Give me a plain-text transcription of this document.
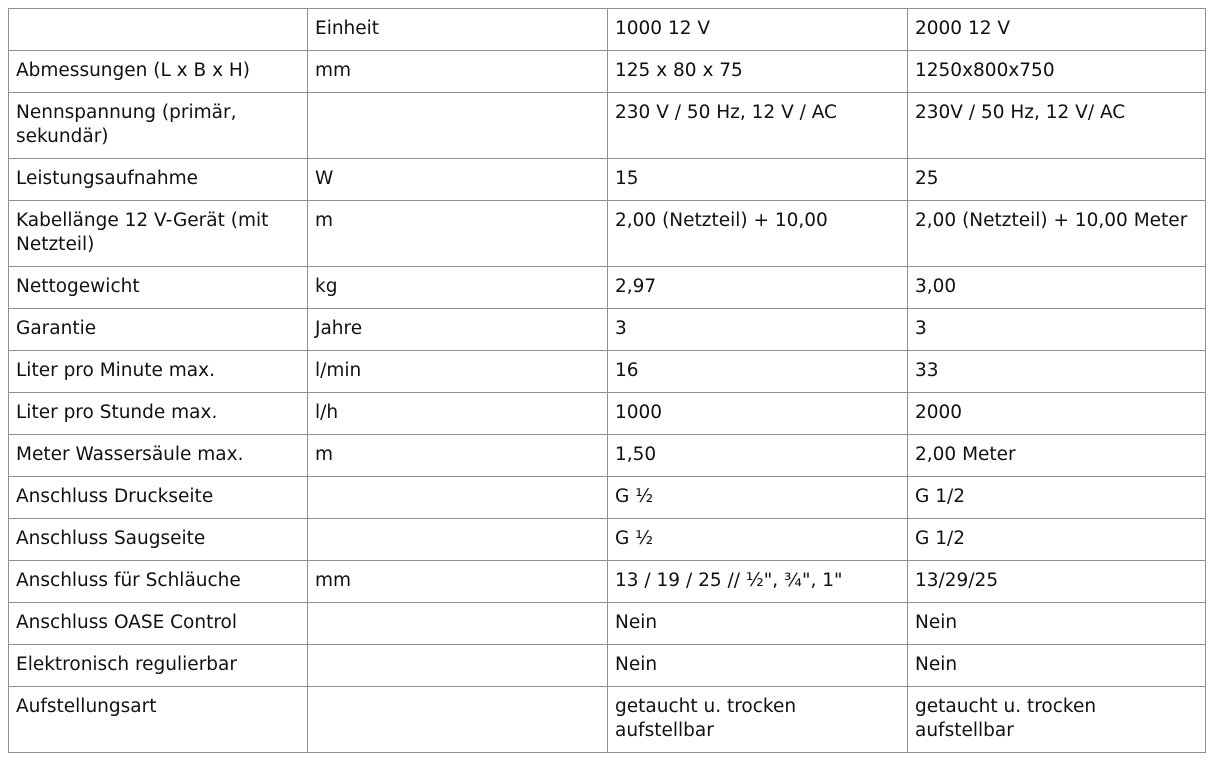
	Einheit	1000 12 V	2000 12 V
Abmessungen (L x B x H)	mm	125 x 80 x 75	1250x800x750
Nennspannung (primär, sekundär)		230 V / 50 Hz, 12 V / AC	230V / 50 Hz, 12 V/ AC
Leistungsaufnahme	W	15	25
Kabellänge 12 V-Gerät (mit Netzteil)	m	2,00 (Netzteil) + 10,00	2,00 (Netzteil) + 10,00 Meter
Nettogewicht	kg	2,97	3,00
Garantie	Jahre	3	3
Liter pro Minute max.	l/min	16	33
Liter pro Stunde max.	l/h	1000	2000
Meter Wassersäule max.	m	1,50	2,00 Meter
Anschluss Druckseite		G ½	G 1/2
Anschluss Saugseite		G ½	G 1/2
Anschluss für Schläuche	mm	13 / 19 / 25 // ½", ¾", 1"	13/29/25
Anschluss OASE Control		Nein	Nein
Elektronisch regulierbar		Nein	Nein
Aufstellungsart		getaucht u. trocken aufstellbar	getaucht u. trocken aufstellbar
